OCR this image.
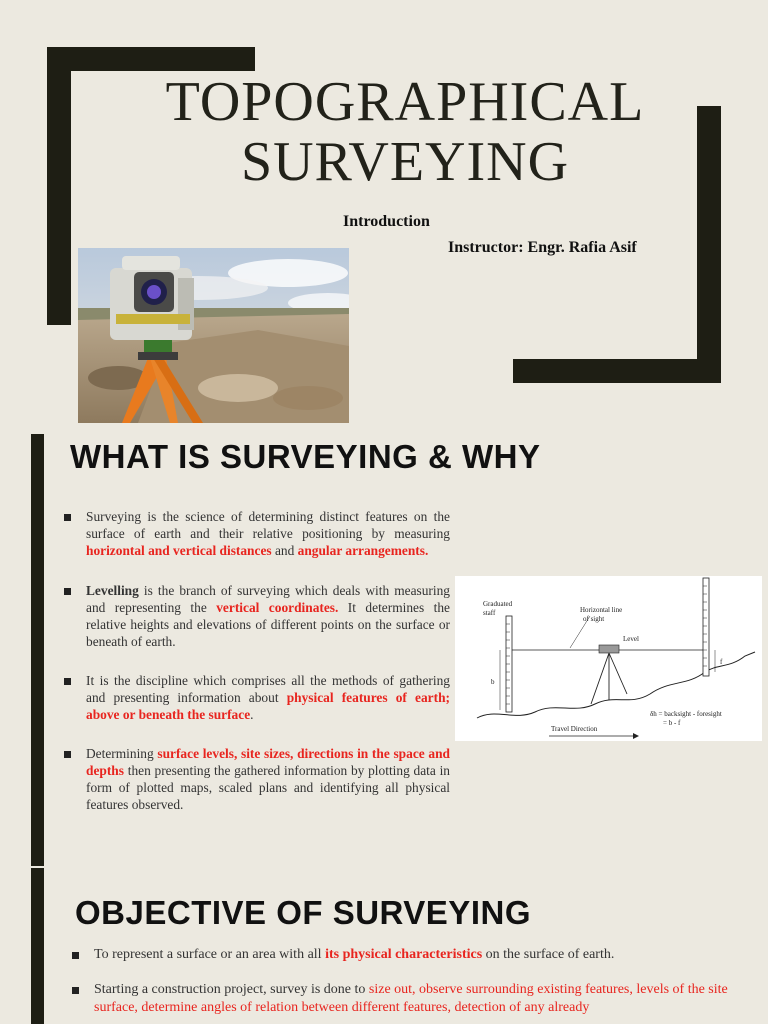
TOPOGRAPHICAL
SURVEYING
Introduction
Instructor: Engr. Rafia Asif
WHAT IS SURVEYING & WHY
Surveying is the science of determining distinct features on the surface of earth and their relative positioning by measuring horizontal and vertical distances and angular arrangements.
Levelling is the branch of surveying which deals with measuring and representing the vertical coordinates. It determines the relative heights and elevations of different points on the surface or beneath of earth.
It is the discipline which comprises all the methods of gathering and presenting information about physical features of earth; above or beneath the surface.
Determining surface levels, site sizes, directions in the space and depths then presenting the gathered information by plotting data in form of plotted maps, scaled plans and identifying all physical features observed.
Graduated
staff	Horizontal line
of sight
Level
b
f
δh = backsight - foresight
= b - f
Travel Direction
OBJECTIVE OF SURVEYING
To represent a surface or an area with all its physical characteristics on the surface of earth.
Starting a construction project, survey is done to size out, observe surrounding existing features, levels of the site surface, determine angles of relation between different features, detection of any already
